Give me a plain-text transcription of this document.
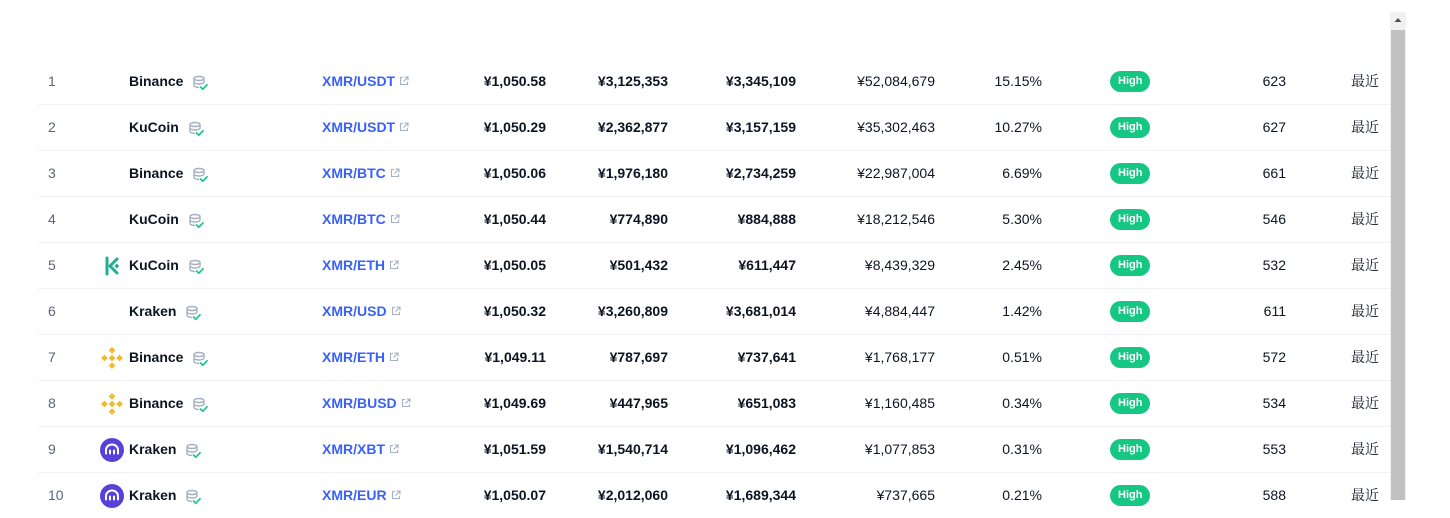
1	Binance	XMR/USDT	¥1,050.58	¥3,125,353	¥3,345,109	¥52,084,679	15.15%	High	623	最近
2	KuCoin	XMR/USDT	¥1,050.29	¥2,362,877	¥3,157,159	¥35,302,463	10.27%	High	627	最近
3	Binance	XMR/BTC	¥1,050.06	¥1,976,180	¥2,734,259	¥22,987,004	6.69%	High	661	最近
4	KuCoin	XMR/BTC	¥1,050.44	¥774,890	¥884,888	¥18,212,546	5.30%	High	546	最近
5	KuCoin	XMR/ETH	¥1,050.05	¥501,432	¥611,447	¥8,439,329	2.45%	High	532	最近
6	Kraken	XMR/USD	¥1,050.32	¥3,260,809	¥3,681,014	¥4,884,447	1.42%	High	611	最近
7	Binance	XMR/ETH	¥1,049.11	¥787,697	¥737,641	¥1,768,177	0.51%	High	572	最近
8	Binance	XMR/BUSD	¥1,049.69	¥447,965	¥651,083	¥1,160,485	0.34%	High	534	最近
9	Kraken	XMR/XBT	¥1,051.59	¥1,540,714	¥1,096,462	¥1,077,853	0.31%	High	553	最近
10	Kraken	XMR/EUR	¥1,050.07	¥2,012,060	¥1,689,344	¥737,665	0.21%	High	588	最近
